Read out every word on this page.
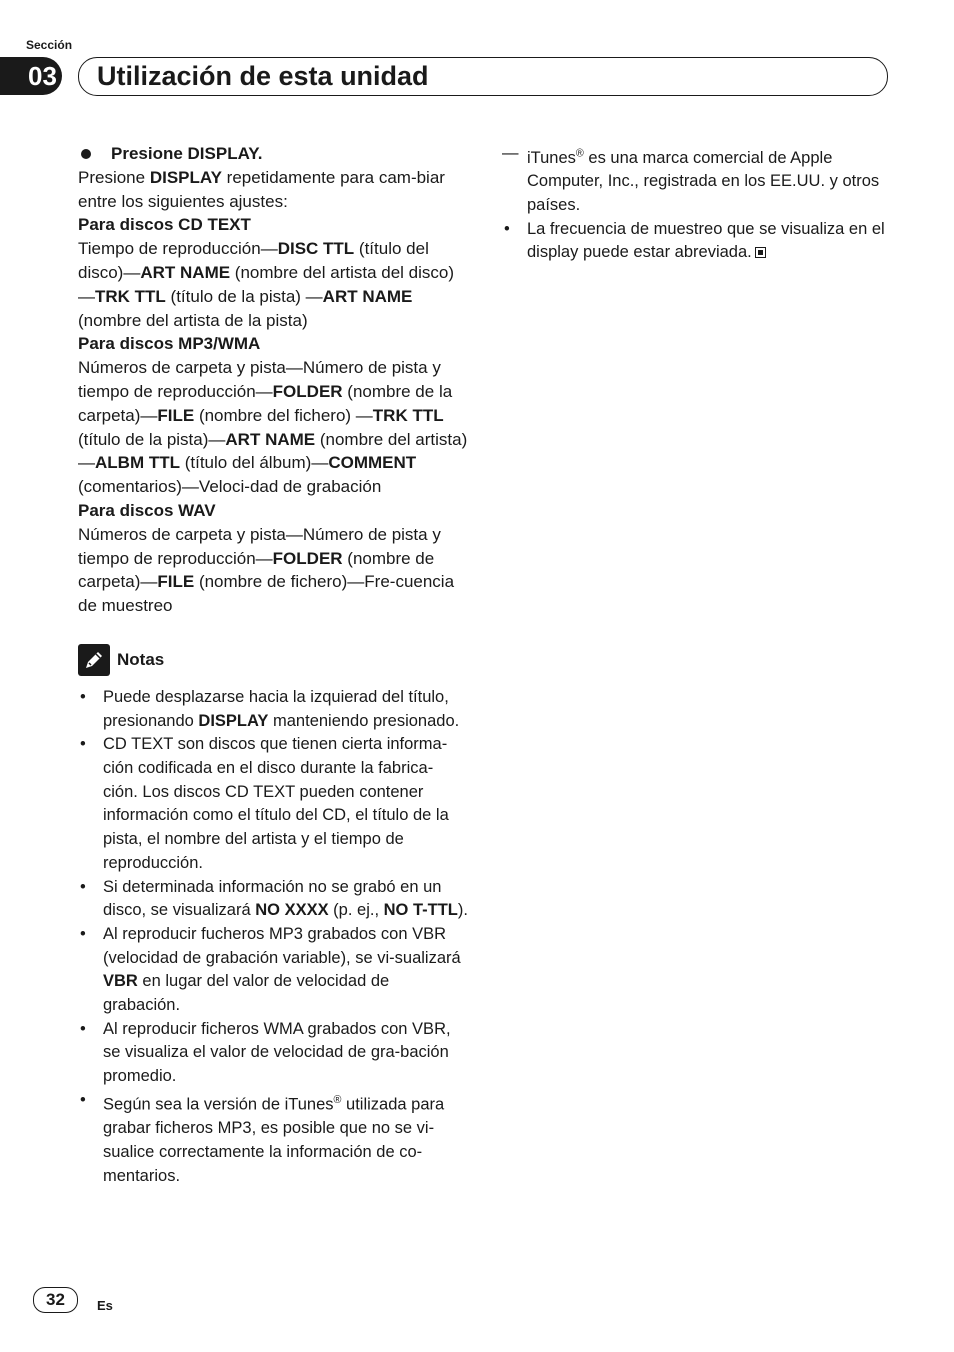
Sección
03 Utilización de esta unidad

Presione DISPLAY.

Presione DISPLAY repetidamente para cam-biar entre los siguientes ajustes:

Para discos CD TEXT

Tiempo de reproducción—DISC TTL (título del disco)—ART NAME (nombre del artista del disco)—TRK TTL (título de la pista) —ART NAME (nombre del artista de la pista)

Para discos MP3/WMA

Números de carpeta y pista—Número de pista y tiempo de reproducción—FOLDER (nombre de la carpeta)—FILE (nombre del fichero) —TRK TTL (título de la pista)—ART NAME (nombre del artista)—ALBM TTL (título del álbum)—COMMENT (comentarios)—Veloci-dad de grabación

Para discos WAV

Números de carpeta y pista—Número de pista y tiempo de reproducción—FOLDER (nombre de carpeta)—FILE (nombre de fichero)—Fre-cuencia de muestreo

Notas
• Puede desplazarse hacia la izquierad del título, presionando DISPLAY manteniendo presionado.
• CD TEXT son discos que tienen cierta informa-ción codificada en el disco durante la fabrica-ción. Los discos CD TEXT pueden contener información como el título del CD, el título de la pista, el nombre del artista y el tiempo de reproducción.
• Si determinada información no se grabó en un disco, se visualizará NO XXXX (p. ej., NO T-TTL).
• Al reproducir fucheros MP3 grabados con VBR (velocidad de grabación variable), se vi-sualizará VBR en lugar del valor de velocidad de grabación.
• Al reproducir ficheros WMA grabados con VBR, se visualiza el valor de velocidad de gra-bación promedio.
• Según sea la versión de iTunes® utilizada para grabar ficheros MP3, es posible que no se vi-sualice correctamente la información de co-mentarios.

— iTunes® es una marca comercial de Apple Computer, Inc., registrada en los EE.UU. y otros países.

• La frecuencia de muestreo que se visualiza en el display puede estar abreviada.

32	Es
